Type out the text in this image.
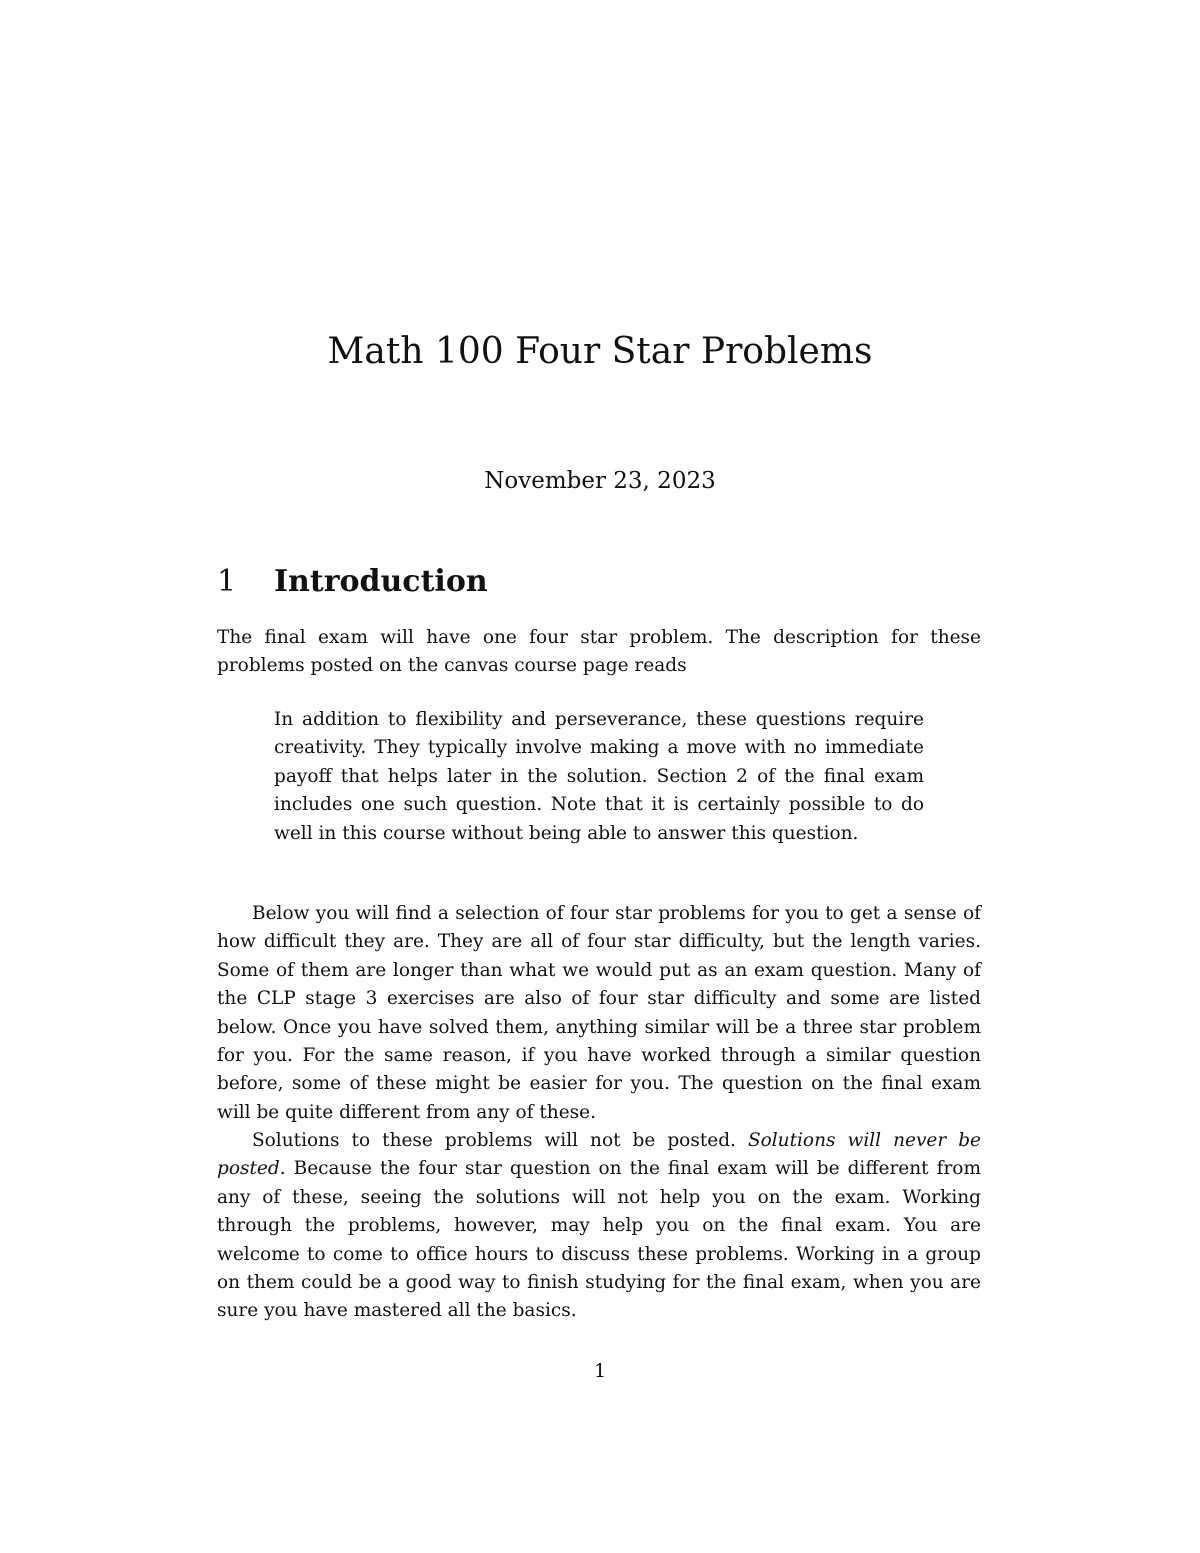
Math 100 Four Star Problems
November 23, 2023
1 Introduction

The final exam will have one four star problem. The description for these problems posted on the canvas course page reads

In addition to flexibility and perseverance, these questions require creativity. They typically involve making a move with no immediate payoff that helps later in the solution. Section 2 of the final exam includes one such question. Note that it is certainly possible to do well in this course without being able to answer this question.

Below you will find a selection of four star problems for you to get a sense of how difficult they are. They are all of four star difficulty, but the length varies. Some of them are longer than what we would put as an exam question. Many of the CLP stage 3 exercises are also of four star difficulty and some are listed below. Once you have solved them, anything similar will be a three star problem for you. For the same reason, if you have worked through a similar question before, some of these might be easier for you. The question on the final exam will be quite different from any of these.

Solutions to these problems will not be posted. Solutions will never be posted. Because the four star question on the final exam will be different from any of these, seeing the solutions will not help you on the exam. Working through the problems, however, may help you on the final exam. You are welcome to come to office hours to discuss these problems. Working in a group on them could be a good way to finish studying for the final exam, when you are sure you have mastered all the basics.

1
